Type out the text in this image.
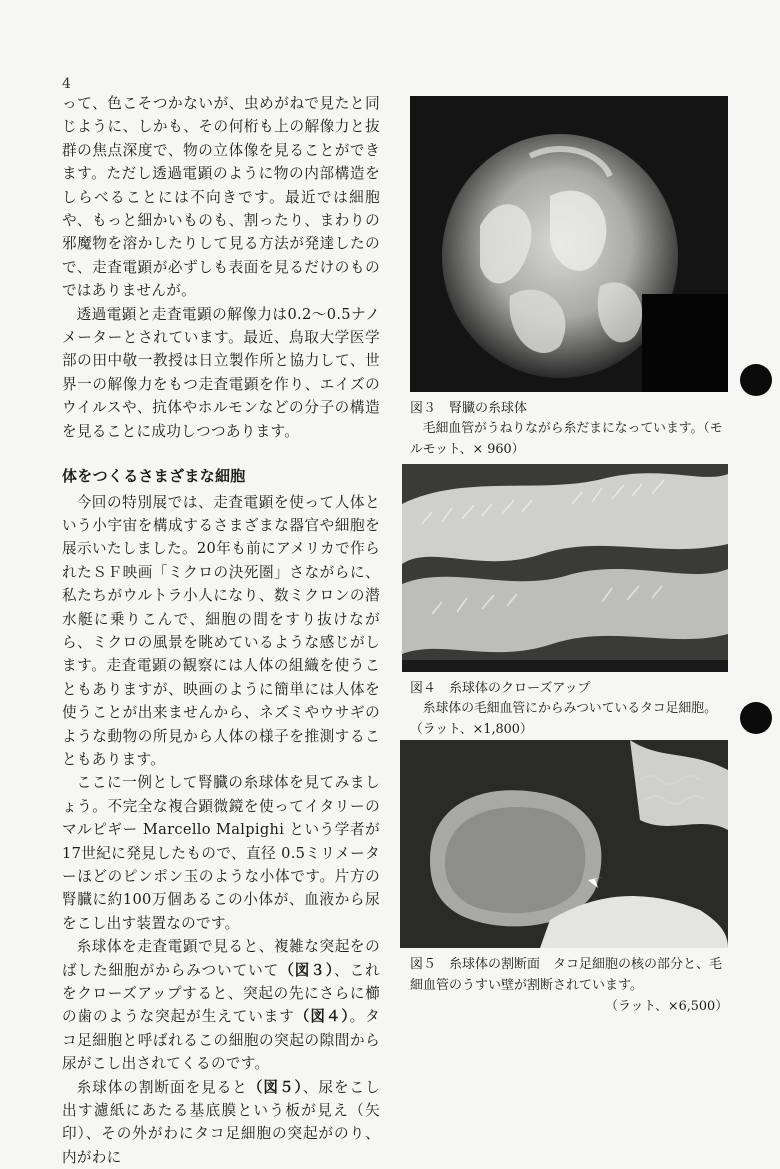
4

って、色こそつかないが、虫めがねで見たと同じように、しかも、その何桁も上の解像力と抜群の焦点深度で、物の立体像を見ることができます。ただし透過電顕のように物の内部構造をしらべることには不向きです。最近では細胞や、もっと細かいものも、割ったり、まわりの邪魔物を溶かしたりして見る方法が発達したので、走査電顕が必ずしも表面を見るだけのものではありませんが。

透過電顕と走査電顕の解像力は0.2〜0.5ナノメーターとされています。最近、鳥取大学医学部の田中敬一教授は日立製作所と協力して、世界一の解像力をもつ走査電顕を作り、エイズのウイルスや、抗体やホルモンなどの分子の構造を見ることに成功しつつあります。

体をつくるさまざまな細胞

今回の特別展では、走査電顕を使って人体という小宇宙を構成するさまざまな器官や細胞を展示いたしました。20年も前にアメリカで作られたＳＦ映画「ミクロの決死圏」さながらに、私たちがウルトラ小人になり、数ミクロンの潜水艇に乗りこんで、細胞の間をすり抜けながら、ミクロの風景を眺めているような感じがします。走査電顕の観察には人体の組織を使うこともありますが、映画のように簡単には人体を使うことが出来ませんから、ネズミやウサギのような動物の所見から人体の様子を推測することもあります。

ここに一例として腎臓の糸球体を見てみましょう。不完全な複合顕微鏡を使ってイタリーのマルピギー Marcello Malpighi という学者が17世紀に発見したもので、直径 0.5ミリメーターほどのピンポン玉のような小体です。片方の腎臓に約100万個あるこの小体が、血液から尿をこし出す装置なのです。

糸球体を走査電顕で見ると、複雑な突起をのばした細胞がからみついていて（図３）、これをクローズアップすると、突起の先にさらに櫛の歯のような突起が生えています（図４）。タコ足細胞と呼ばれるこの細胞の突起の隙間から尿がこし出されてくるのです。

糸球体の割断面を見ると（図５）、尿をこし出す濾紙にあたる基底膜という板が見え（矢印）、その外がわにタコ足細胞の突起がのり、内がわに

図３　腎臓の糸球体
毛細血管がうねりながら糸だまになっています。（モルモット、× 960）
図４　糸球体のクローズアップ
糸球体の毛細血管にからみついているタコ足細胞。（ラット、×1,800）
図５　糸球体の割断面　タコ足細胞の核の部分と、毛細血管のうすい壁が割断されています。
（ラット、×6,500）
